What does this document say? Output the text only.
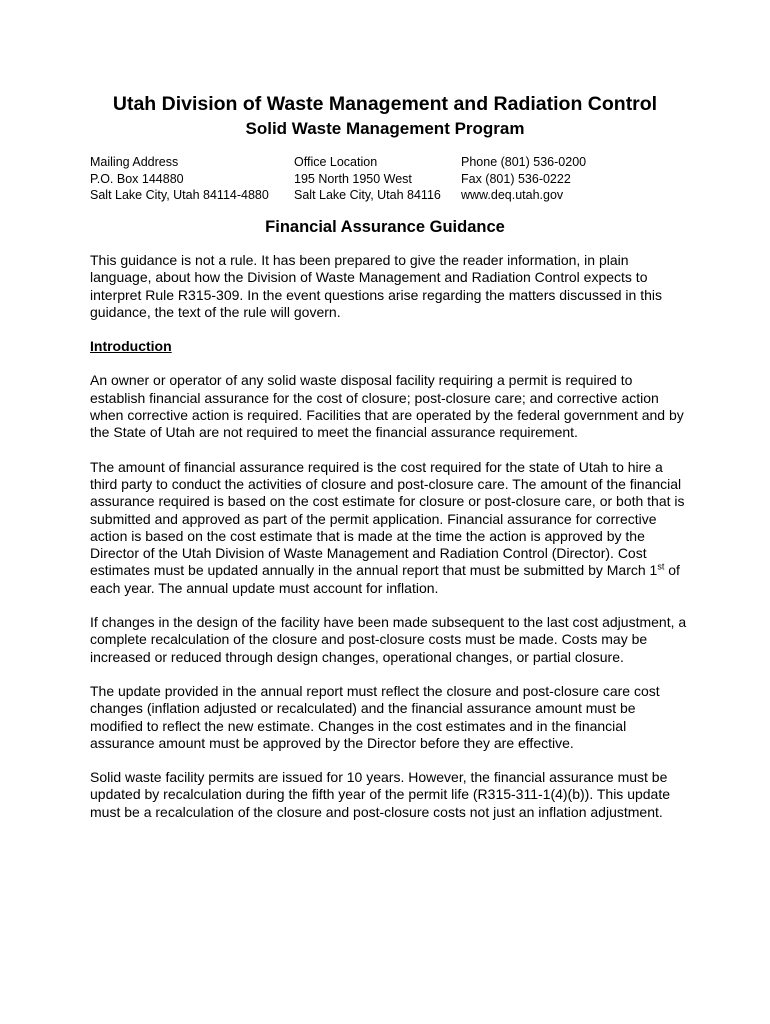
Utah Division of Waste Management and Radiation Control
Solid Waste Management Program
Mailing Address
P.O. Box 144880
Salt Lake City, Utah 84114-4880
Office Location
195 North 1950 West
Salt Lake City, Utah 84116
Phone (801) 536-0200
Fax (801) 536-0222
www.deq.utah.gov
Financial Assurance Guidance

This guidance is not a rule. It has been prepared to give the reader information, in plain language, about how the Division of Waste Management and Radiation Control expects to interpret Rule R315-309. In the event questions arise regarding the matters discussed in this guidance, the text of the rule will govern.

Introduction

An owner or operator of any solid waste disposal facility requiring a permit is required to establish financial assurance for the cost of closure; post-closure care; and corrective action when corrective action is required. Facilities that are operated by the federal government and by the State of Utah are not required to meet the financial assurance requirement.

The amount of financial assurance required is the cost required for the state of Utah to hire a third party to conduct the activities of closure and post-closure care. The amount of the financial assurance required is based on the cost estimate for closure or post-closure care, or both that is submitted and approved as part of the permit application. Financial assurance for corrective action is based on the cost estimate that is made at the time the action is approved by the Director of the Utah Division of Waste Management and Radiation Control (Director). Cost estimates must be updated annually in the annual report that must be submitted by March 1st of each year. The annual update must account for inflation.

If changes in the design of the facility have been made subsequent to the last cost adjustment, a complete recalculation of the closure and post-closure costs must be made. Costs may be increased or reduced through design changes, operational changes, or partial closure.

The update provided in the annual report must reflect the closure and post-closure care cost changes (inflation adjusted or recalculated) and the financial assurance amount must be modified to reflect the new estimate. Changes in the cost estimates and in the financial assurance amount must be approved by the Director before they are effective.

Solid waste facility permits are issued for 10 years. However, the financial assurance must be updated by recalculation during the fifth year of the permit life (R315-311-1(4)(b)). This update must be a recalculation of the closure and post-closure costs not just an inflation adjustment.
